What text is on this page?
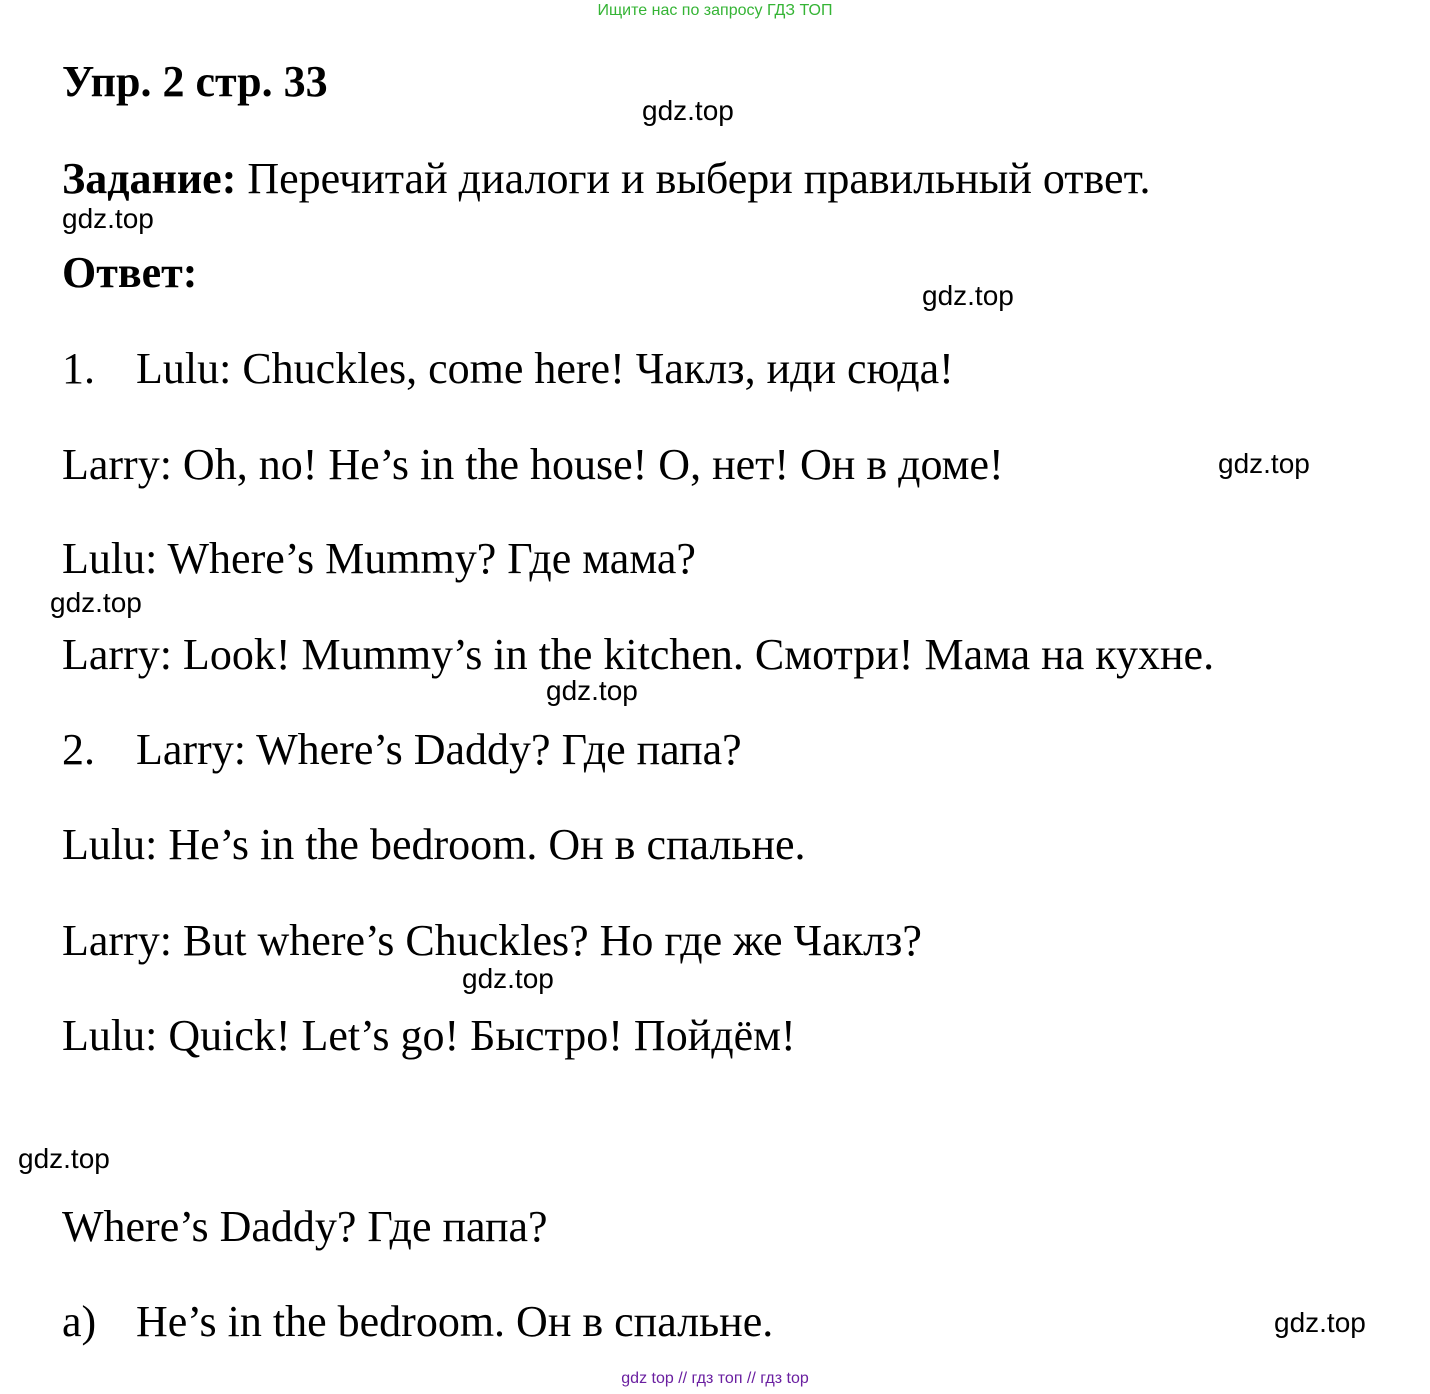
Ищите нас по запросу ГДЗ ТОП
Упр. 2 стр. 33
Задание: Перечитай диалоги и выбери правильный ответ.
Ответ:
1. Lulu: Chuckles, come here! Чаклз, иди сюда!
Larry: Oh, no! He’s in the house! О, нет! Он в доме!
Lulu: Where’s Mummy? Где мама?
Larry: Look! Mummy’s in the kitchen. Смотри! Мама на кухне.
2. Larry: Where’s Daddy? Где папа?
Lulu: He’s in the bedroom. Он в спальне.
Larry: But where’s Chuckles? Но где же Чаклз?
Lulu: Quick! Let’s go! Быстро! Пойдём!
Where’s Daddy? Где папа?
a) He’s in the bedroom. Он в спальне.
gdz.top
gdz.top
gdz.top
gdz.top
gdz.top
gdz.top
gdz.top
gdz.top
gdz.top
gdz top // гдз топ // гдз top
